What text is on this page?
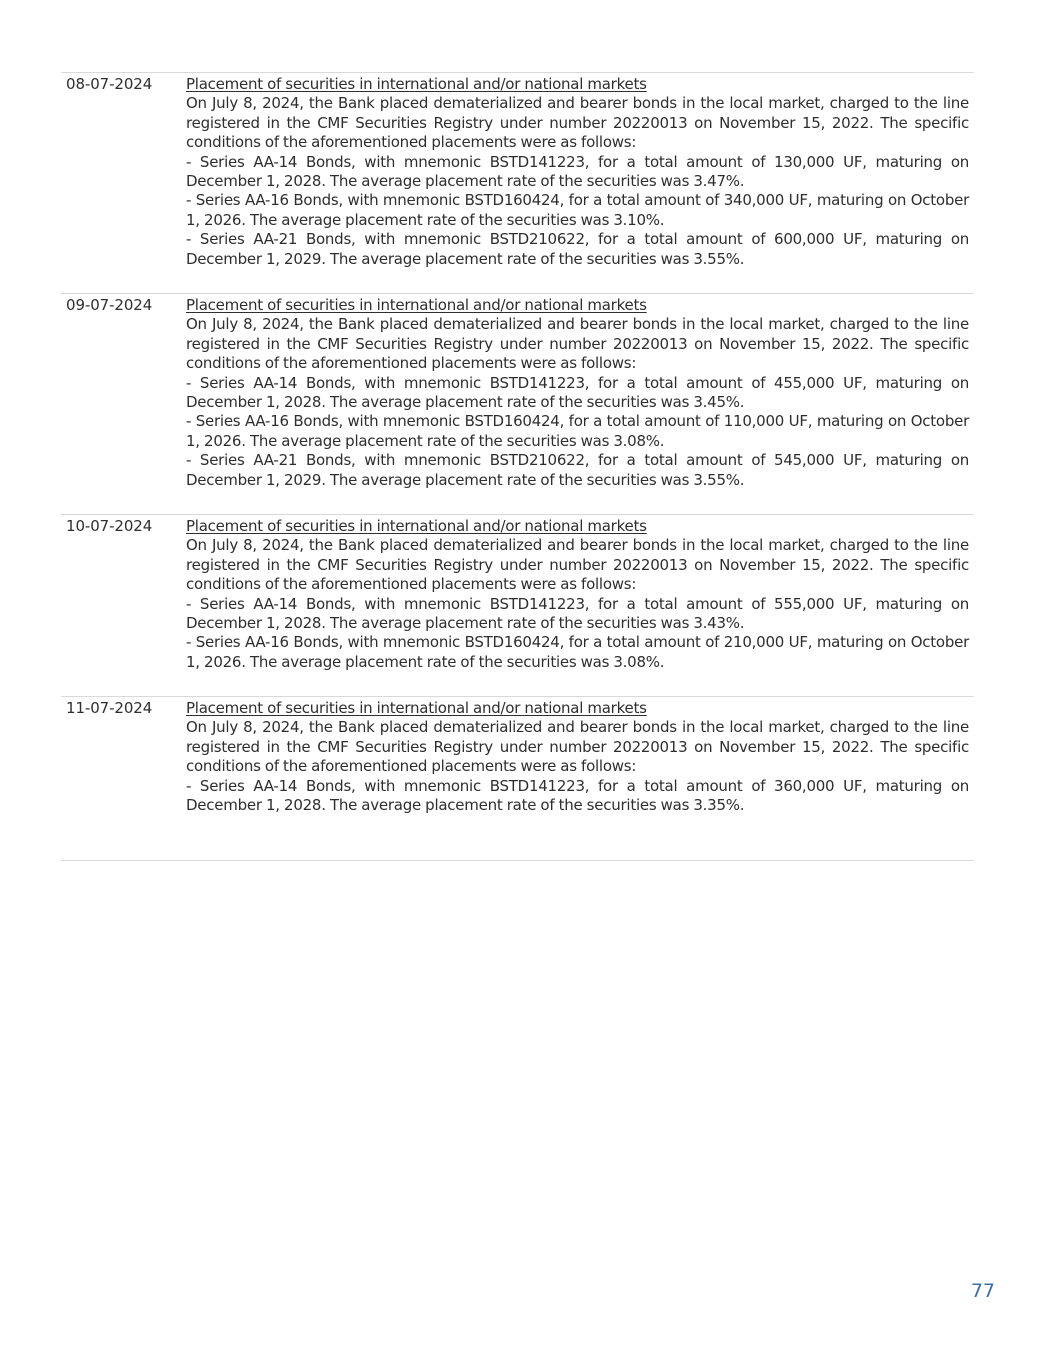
08-07-2024 Placement of securities in international and/or national markets
On July 8, 2024, the Bank placed dematerialized and bearer bonds in the local market, charged to the line registered in the CMF Securities Registry under number 20220013 on November 15, 2022. The specific conditions of the aforementioned placements were as follows:
- Series AA-14 Bonds, with mnemonic BSTD141223, for a total amount of 130,000 UF, maturing on December 1, 2028. The average placement rate of the securities was 3.47%.
- Series AA-16 Bonds, with mnemonic BSTD160424, for a total amount of 340,000 UF, maturing on October 1, 2026. The average placement rate of the securities was 3.10%.
- Series AA-21 Bonds, with mnemonic BSTD210622, for a total amount of 600,000 UF, maturing on December 1, 2029. The average placement rate of the securities was 3.55%.
09-07-2024 Placement of securities in international and/or national markets
On July 8, 2024, the Bank placed dematerialized and bearer bonds in the local market, charged to the line registered in the CMF Securities Registry under number 20220013 on November 15, 2022. The specific conditions of the aforementioned placements were as follows:
- Series AA-14 Bonds, with mnemonic BSTD141223, for a total amount of 455,000 UF, maturing on December 1, 2028. The average placement rate of the securities was 3.45%.
- Series AA-16 Bonds, with mnemonic BSTD160424, for a total amount of 110,000 UF, maturing on October 1, 2026. The average placement rate of the securities was 3.08%.
- Series AA-21 Bonds, with mnemonic BSTD210622, for a total amount of 545,000 UF, maturing on December 1, 2029. The average placement rate of the securities was 3.55%.
10-07-2024 Placement of securities in international and/or national markets
On July 8, 2024, the Bank placed dematerialized and bearer bonds in the local market, charged to the line registered in the CMF Securities Registry under number 20220013 on November 15, 2022. The specific conditions of the aforementioned placements were as follows:
- Series AA-14 Bonds, with mnemonic BSTD141223, for a total amount of 555,000 UF, maturing on December 1, 2028. The average placement rate of the securities was 3.43%.
- Series AA-16 Bonds, with mnemonic BSTD160424, for a total amount of 210,000 UF, maturing on October 1, 2026. The average placement rate of the securities was 3.08%.
11-07-2024 Placement of securities in international and/or national markets
On July 8, 2024, the Bank placed dematerialized and bearer bonds in the local market, charged to the line registered in the CMF Securities Registry under number 20220013 on November 15, 2022. The specific conditions of the aforementioned placements were as follows:
- Series AA-14 Bonds, with mnemonic BSTD141223, for a total amount of 360,000 UF, maturing on December 1, 2028. The average placement rate of the securities was 3.35%.
77
